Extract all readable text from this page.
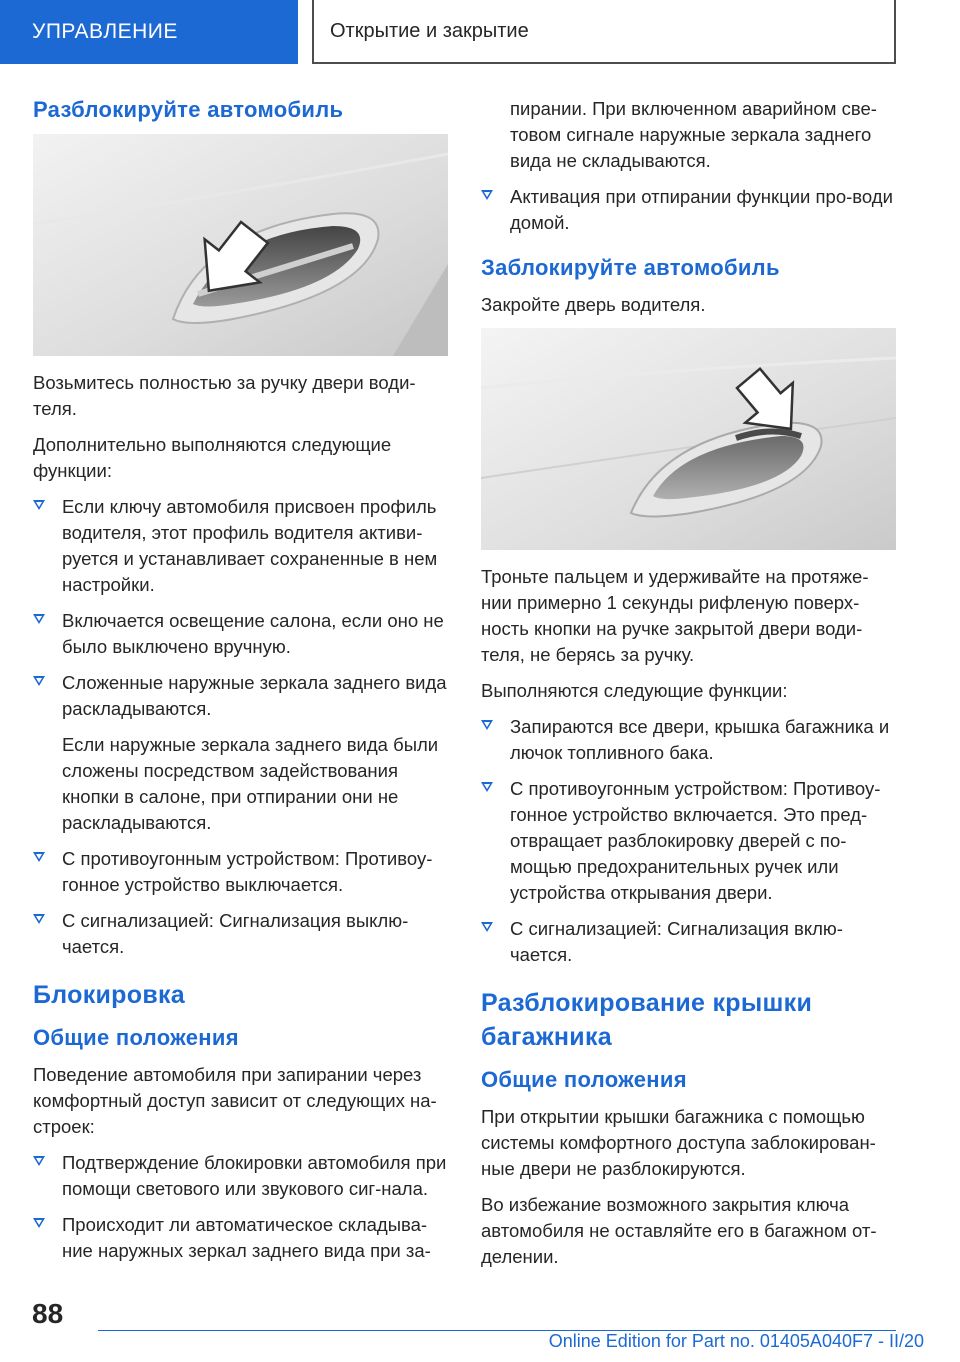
УПРАВЛЕНИЕ	Открытие и закрытие
Разблокируйте автомобиль

Возьмитесь полностью за ручку двери води-теля.

Дополнительно выполняются следующие функции:

Если ключу автомобиля присвоен профиль водителя, этот профиль водителя активи-руется и устанавливает сохраненные в нем настройки.
Включается освещение салона, если оно не было выключено вручную.
Сложенные наружные зеркала заднего вида раскладываются.
Если наружные зеркала заднего вида были сложены посредством задействования кнопки в салоне, при отпирании они не раскладываются.
С противоугонным устройством: Противоу-гонное устройство выключается.
С сигнализацией: Сигнализация выклю-чается.
Блокировка
Общие положения

Поведение автомобиля при запирании через комфортный доступ зависит от следующих на-строек:

Подтверждение блокировки автомобиля при помощи светового или звукового сиг-нала.
Происходит ли автоматическое складыва-ние наружных зеркал заднего вида при за-
пирании. При включенном аварийном све-товом сигнале наружные зеркала заднего вида не складываются.
Активация при отпирании функции про-води домой.
Заблокируйте автомобиль

Закройте дверь водителя.

Троньте пальцем и удерживайте на протяже-нии примерно 1 секунды рифленую поверх-ность кнопки на ручке закрытой двери води-теля, не берясь за ручку.

Выполняются следующие функции:

Запираются все двери, крышка багажника и лючок топливного бака.
С противоугонным устройством: Противоу-гонное устройство включается. Это пред-отвращает разблокировку дверей с по-мощью предохранительных ручек или устройства открывания двери.
С сигнализацией: Сигнализация вклю-чается.
Разблокирование крышки багажника
Общие положения

При открытии крышки багажника с помощью системы комфортного доступа заблокирован-ные двери не разблокируются.

Во избежание возможного закрытия ключа автомобиля не оставляйте его в багажном от-делении.

88
Online Edition for Part no. 01405A040F7 - II/20
